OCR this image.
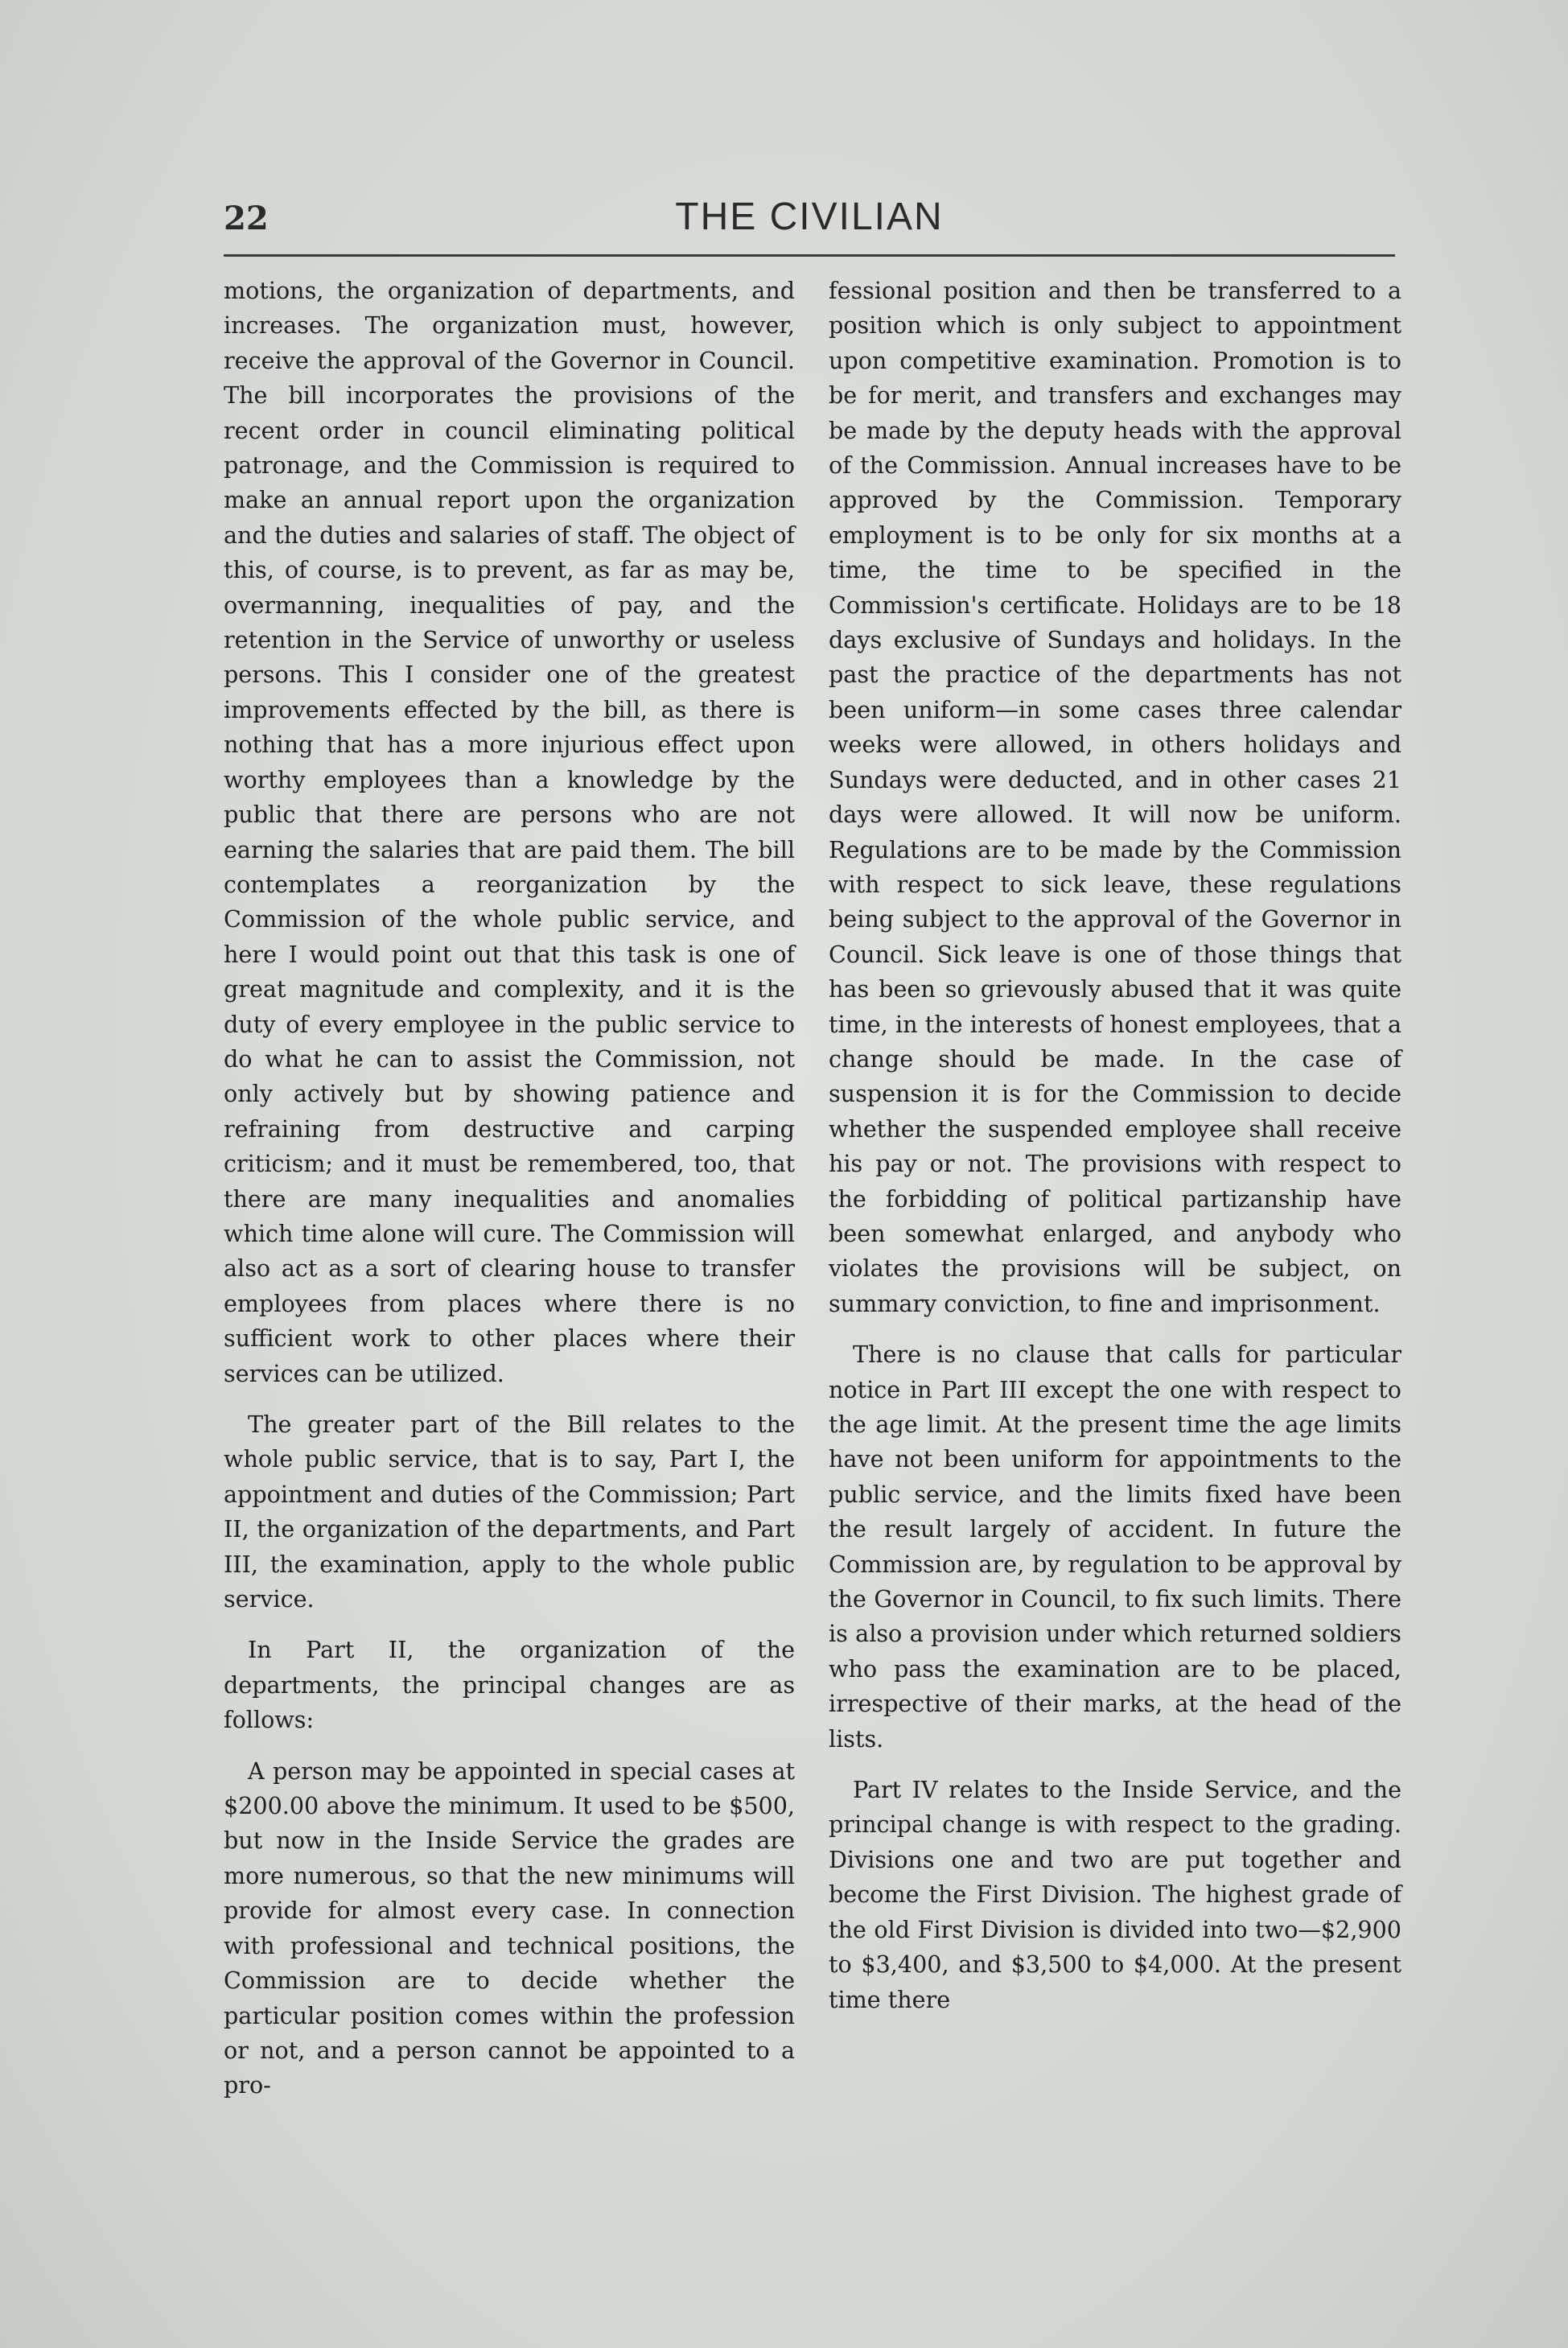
22	THE CIVILIAN

motions, the organization of departments, and increases. The organization must, however, receive the approval of the Governor in Council. The bill incorporates the provisions of the recent order in council eliminating political patronage, and the Commission is required to make an annual report upon the organization and the duties and salaries of staff. The object of this, of course, is to prevent, as far as may be, overmanning, inequalities of pay, and the retention in the Service of unworthy or useless persons. This I consider one of the greatest improvements effected by the bill, as there is nothing that has a more injurious effect upon worthy employees than a knowledge by the public that there are persons who are not earning the salaries that are paid them. The bill contemplates a reorganization by the Commission of the whole public service, and here I would point out that this task is one of great magnitude and complexity, and it is the duty of every employee in the public service to do what he can to assist the Commission, not only actively but by showing patience and refraining from destructive and carping criticism; and it must be remembered, too, that there are many inequalities and anomalies which time alone will cure. The Commission will also act as a sort of clearing house to transfer employees from places where there is no sufficient work to other places where their services can be utilized.

The greater part of the Bill relates to the whole public service, that is to say, Part I, the appointment and duties of the Commission; Part II, the organization of the departments, and Part III, the examination, apply to the whole public service.

In Part II, the organization of the departments, the principal changes are as follows:

A person may be appointed in special cases at $200.00 above the minimum. It used to be $500, but now in the Inside Service the grades are more numerous, so that the new minimums will provide for almost every case. In connection with professional and technical positions, the Commission are to decide whether the particular position comes within the profession or not, and a person cannot be appointed to a pro-

fessional position and then be transferred to a position which is only subject to appointment upon competitive examination. Promotion is to be for merit, and transfers and exchanges may be made by the deputy heads with the approval of the Commission. Annual increases have to be approved by the Commission. Temporary employment is to be only for six months at a time, the time to be specified in the Commission's certificate. Holidays are to be 18 days exclusive of Sundays and holidays. In the past the practice of the departments has not been uniform—in some cases three calendar weeks were allowed, in others holidays and Sundays were deducted, and in other cases 21 days were allowed. It will now be uniform. Regulations are to be made by the Commission with respect to sick leave, these regulations being subject to the approval of the Governor in Council. Sick leave is one of those things that has been so grievously abused that it was quite time, in the interests of honest employees, that a change should be made. In the case of suspension it is for the Commission to decide whether the suspended employee shall receive his pay or not. The provisions with respect to the forbidding of political partizanship have been somewhat enlarged, and anybody who violates the provisions will be subject, on summary conviction, to fine and imprisonment.

There is no clause that calls for particular notice in Part III except the one with respect to the age limit. At the present time the age limits have not been uniform for appointments to the public service, and the limits fixed have been the result largely of accident. In future the Commission are, by regulation to be approval by the Governor in Council, to fix such limits. There is also a provision under which returned soldiers who pass the examination are to be placed, irrespective of their marks, at the head of the lists.

Part IV relates to the Inside Service, and the principal change is with respect to the grading. Divisions one and two are put together and become the First Division. The highest grade of the old First Division is divided into two—$2,900 to $3,400, and $3,500 to $4,000. At the present time there
